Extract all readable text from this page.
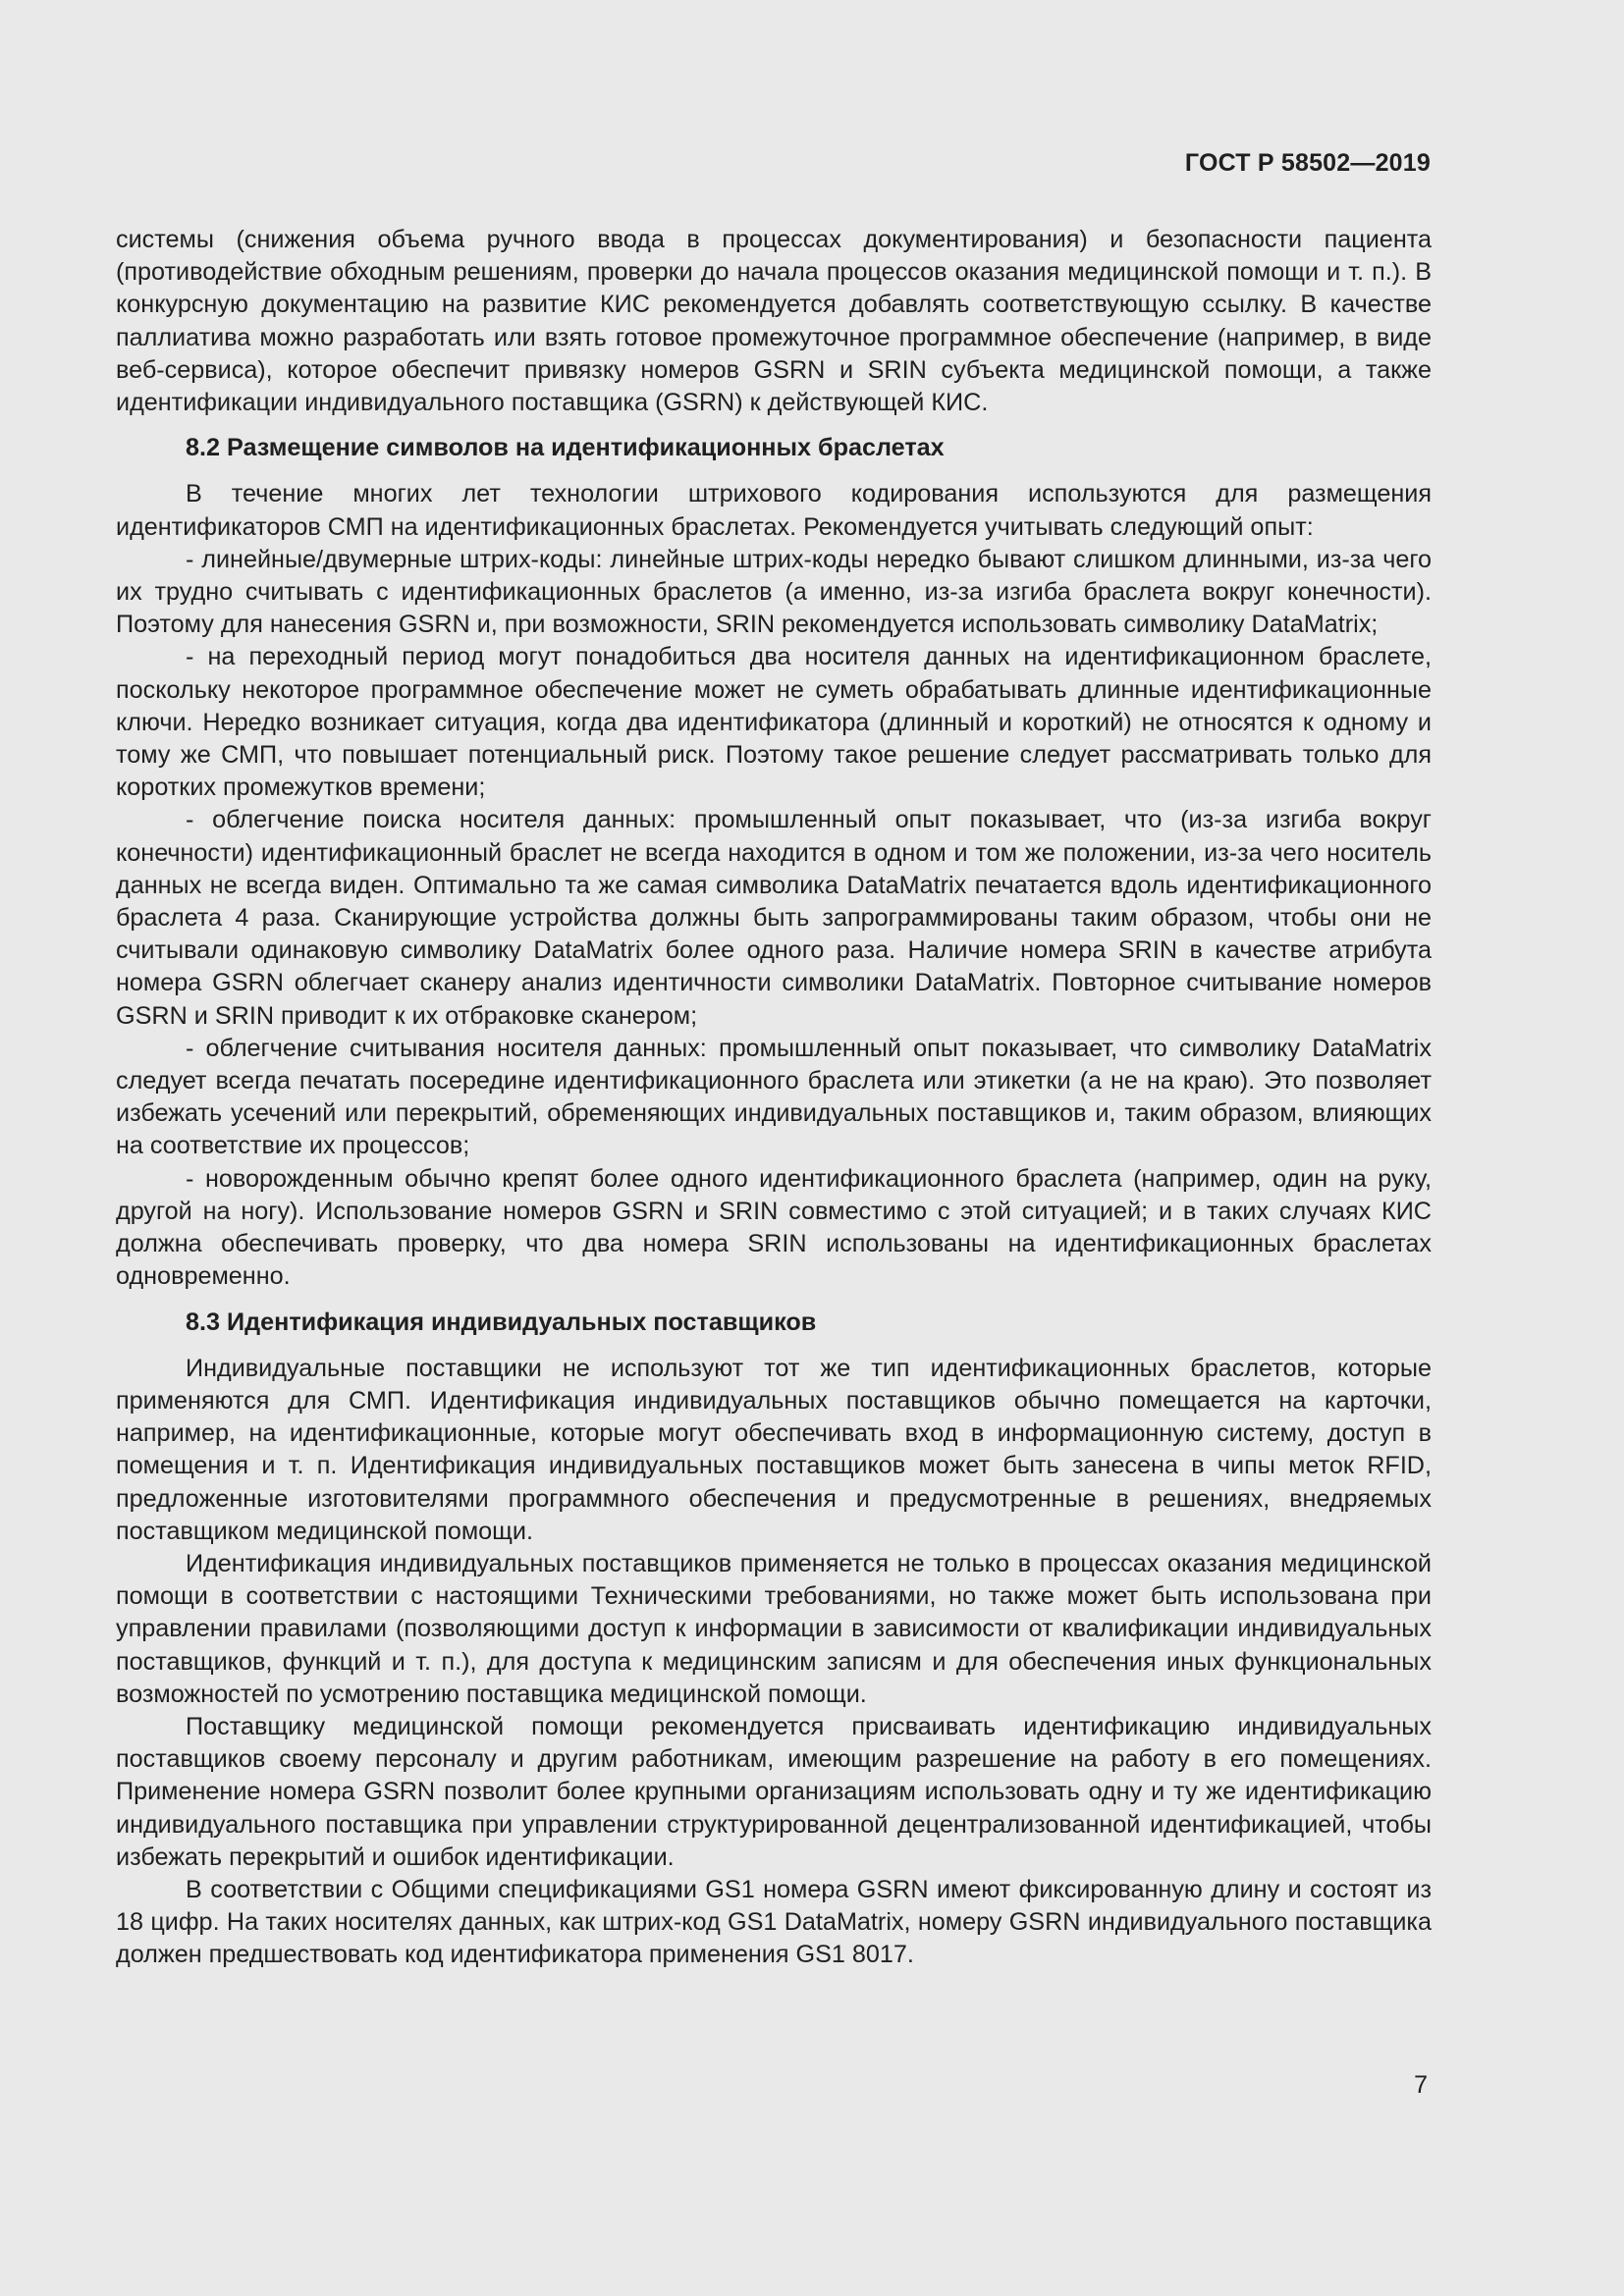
ГОСТ Р 58502—2019

системы (снижения объема ручного ввода в процессах документирования) и безопасности пациента (противодействие обходным решениям, проверки до начала процессов оказания медицинской помощи и т. п.). В конкурсную документацию на развитие КИС рекомендуется добавлять соответствующую ссылку. В качестве паллиатива можно разработать или взять готовое промежуточное программное обеспечение (например, в виде веб-сервиса), которое обеспечит привязку номеров GSRN и SRIN субъекта медицинской помощи, а также идентификации индивидуального поставщика (GSRN) к действующей КИС.

8.2 Размещение символов на идентификационных браслетах

В течение многих лет технологии штрихового кодирования используются для размещения идентификаторов СМП на идентификационных браслетах. Рекомендуется учитывать следующий опыт:

- линейные/двумерные штрих-коды: линейные штрих-коды нередко бывают слишком длинными, из-за чего их трудно считывать с идентификационных браслетов (а именно, из-за изгиба браслета вокруг конечности). Поэтому для нанесения GSRN и, при возможности, SRIN рекомендуется использовать символику DataMatrix;

- на переходный период могут понадобиться два носителя данных на идентификационном браслете, поскольку некоторое программное обеспечение может не суметь обрабатывать длинные идентификационные ключи. Нередко возникает ситуация, когда два идентификатора (длинный и короткий) не относятся к одному и тому же СМП, что повышает потенциальный риск. Поэтому такое решение следует рассматривать только для коротких промежутков времени;

- облегчение поиска носителя данных: промышленный опыт показывает, что (из-за изгиба вокруг конечности) идентификационный браслет не всегда находится в одном и том же положении, из-за чего носитель данных не всегда виден. Оптимально та же самая символика DataMatrix печатается вдоль идентификационного браслета 4 раза. Сканирующие устройства должны быть запрограммированы таким образом, чтобы они не считывали одинаковую символику DataMatrix более одного раза. Наличие номера SRIN в качестве атрибута номера GSRN облегчает сканеру анализ идентичности символики DataMatrix. Повторное считывание номеров GSRN и SRIN приводит к их отбраковке сканером;

- облегчение считывания носителя данных: промышленный опыт показывает, что символику DataMatrix следует всегда печатать посередине идентификационного браслета или этикетки (а не на краю). Это позволяет избежать усечений или перекрытий, обременяющих индивидуальных поставщиков и, таким образом, влияющих на соответствие их процессов;

- новорожденным обычно крепят более одного идентификационного браслета (например, один на руку, другой на ногу). Использование номеров GSRN и SRIN совместимо с этой ситуацией; и в таких случаях КИС должна обеспечивать проверку, что два номера SRIN использованы на идентификационных браслетах одновременно.

8.3 Идентификация индивидуальных поставщиков

Индивидуальные поставщики не используют тот же тип идентификационных браслетов, которые применяются для СМП. Идентификация индивидуальных поставщиков обычно помещается на карточки, например, на идентификационные, которые могут обеспечивать вход в информационную систему, доступ в помещения и т. п. Идентификация индивидуальных поставщиков может быть занесена в чипы меток RFID, предложенные изготовителями программного обеспечения и предусмотренные в решениях, внедряемых поставщиком медицинской помощи.

Идентификация индивидуальных поставщиков применяется не только в процессах оказания медицинской помощи в соответствии с настоящими Техническими требованиями, но также может быть использована при управлении правилами (позволяющими доступ к информации в зависимости от квалификации индивидуальных поставщиков, функций и т. п.), для доступа к медицинским записям и для обеспечения иных функциональных возможностей по усмотрению поставщика медицинской помощи.

Поставщику медицинской помощи рекомендуется присваивать идентификацию индивидуальных поставщиков своему персоналу и другим работникам, имеющим разрешение на работу в его помещениях. Применение номера GSRN позволит более крупными организациям использовать одну и ту же идентификацию индивидуального поставщика при управлении структурированной децентрализованной идентификацией, чтобы избежать перекрытий и ошибок идентификации.

В соответствии с Общими спецификациями GS1 номера GSRN имеют фиксированную длину и состоят из 18 цифр. На таких носителях данных, как штрих-код GS1 DataMatrix, номеру GSRN индивидуального поставщика должен предшествовать код идентификатора применения GS1 8017.

7
